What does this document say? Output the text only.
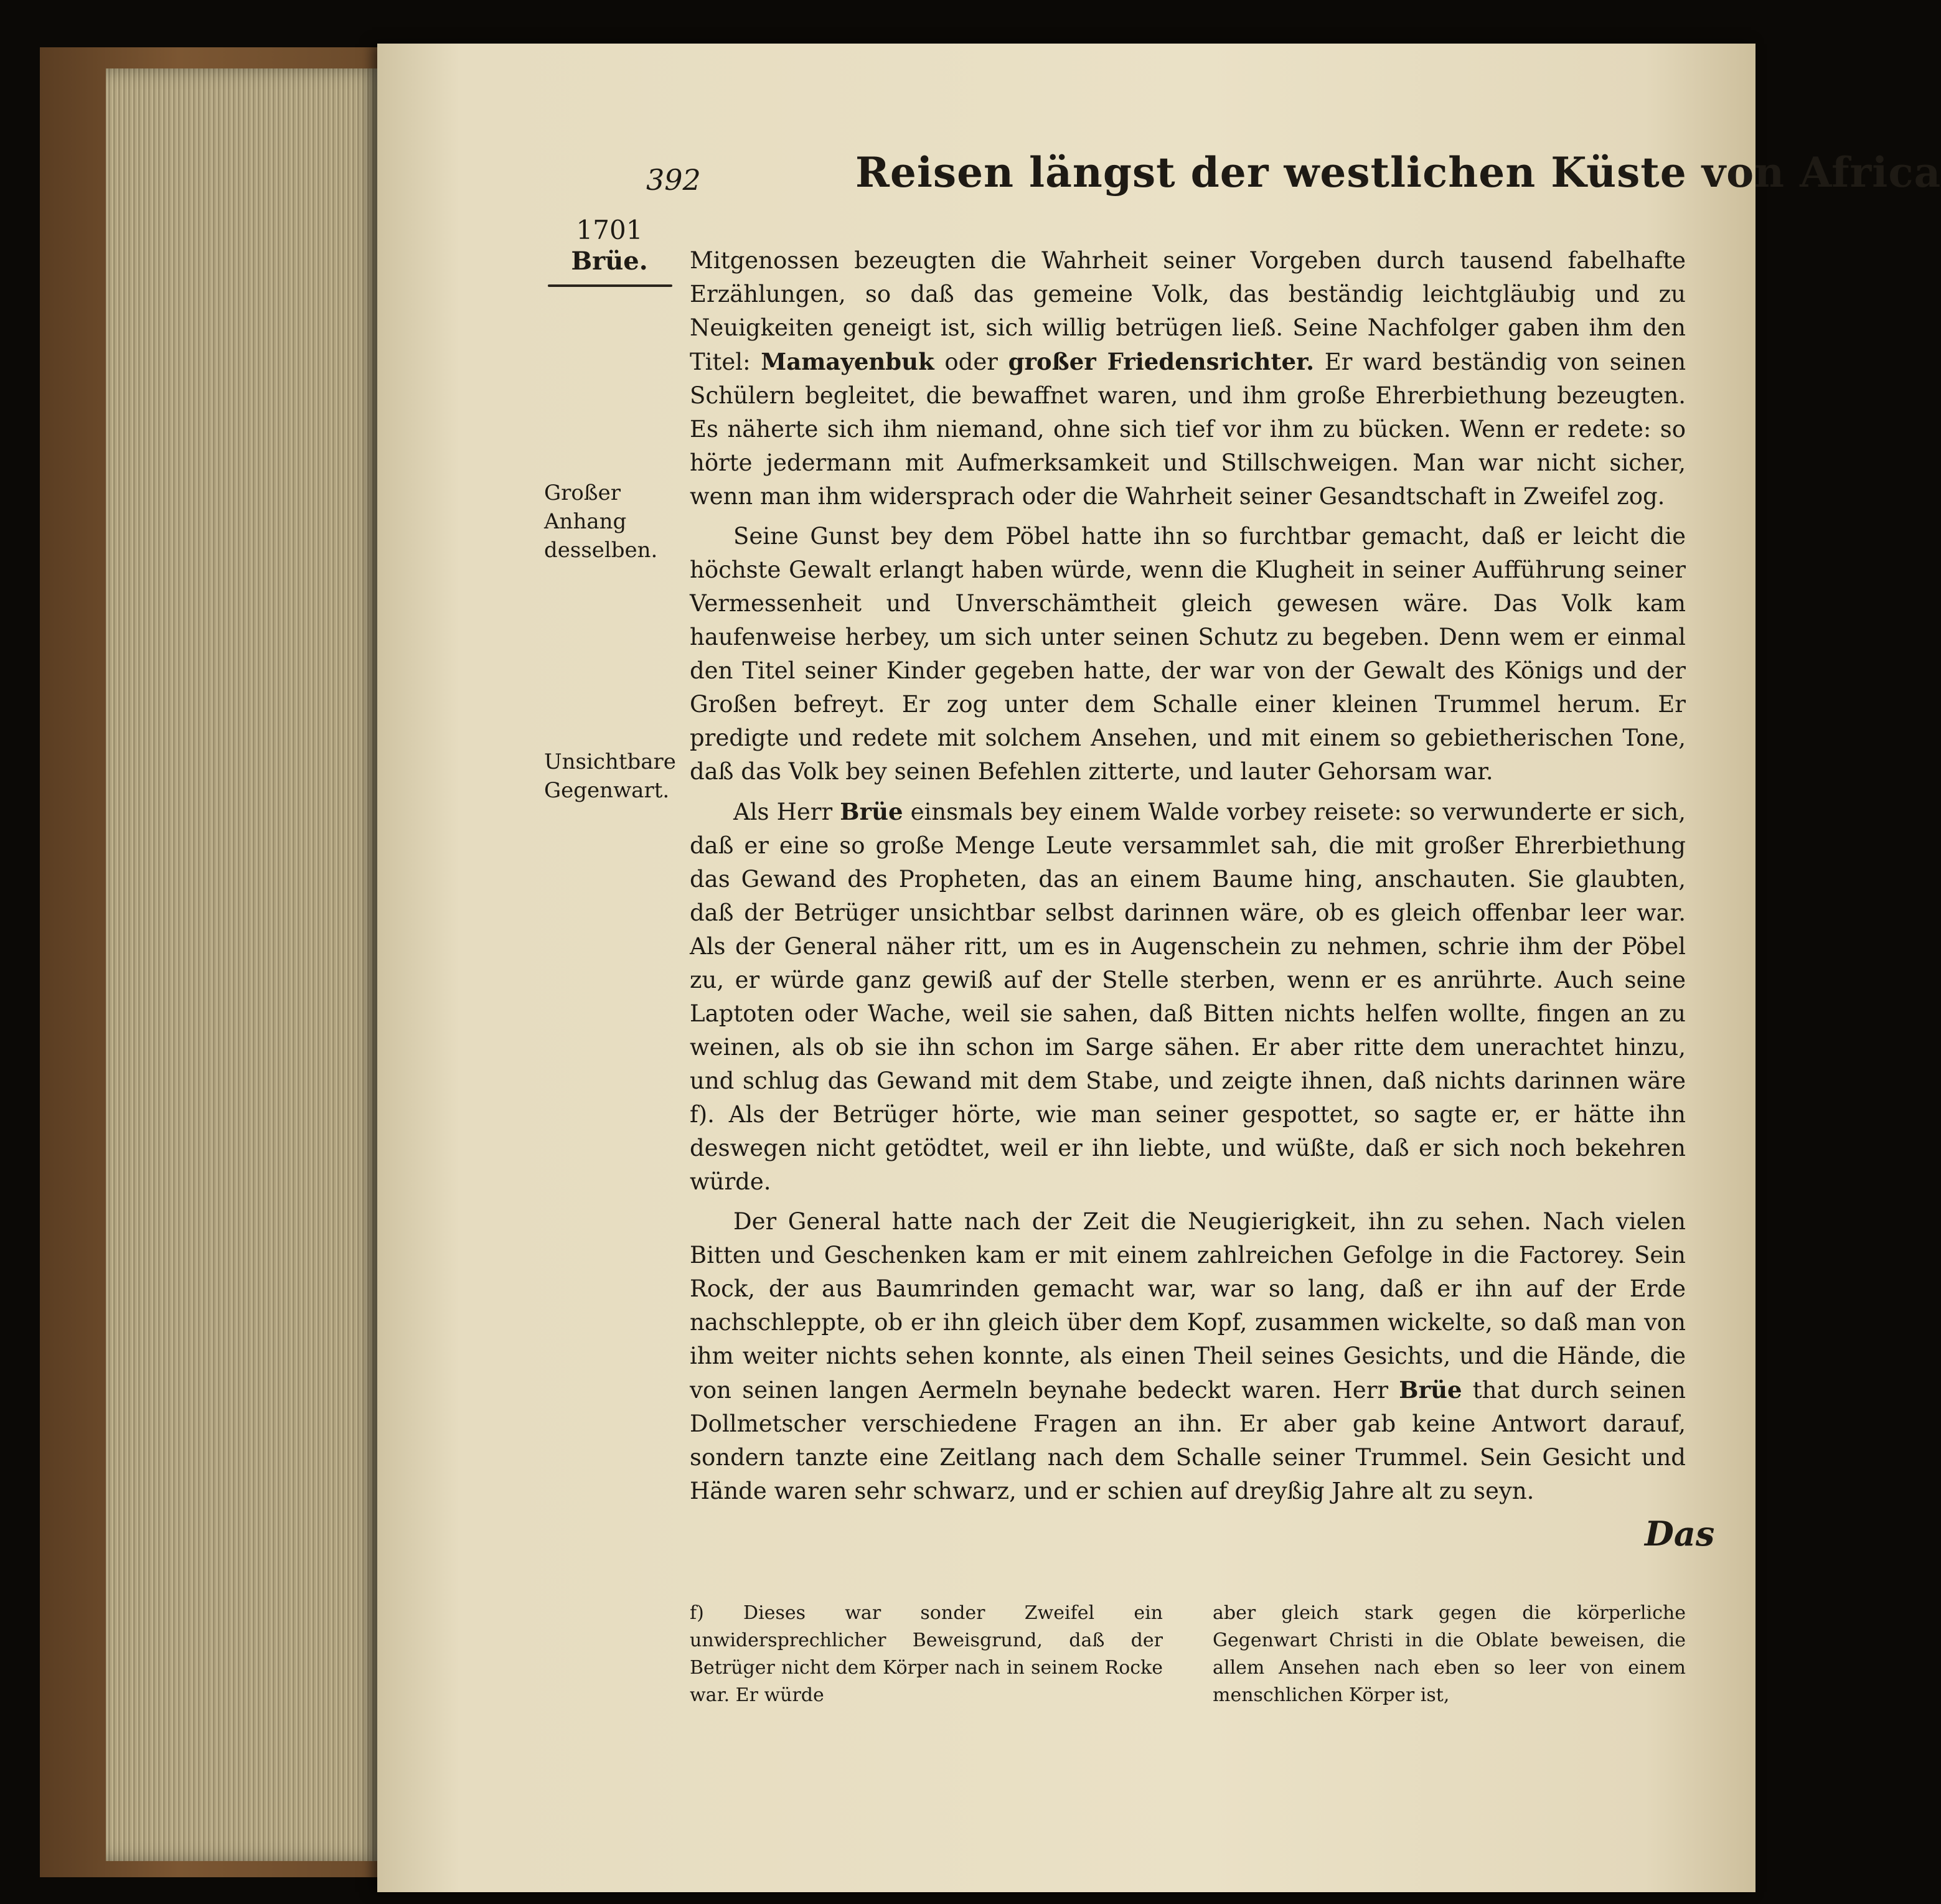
392	Reisen längst der westlichen Küste von Africa
1701
Brüe.
Großer Anhang desselben.
Unsichtbare Gegenwart.

Mitgenossen bezeugten die Wahrheit seiner Vorgeben durch tausend fabelhafte Erzählungen, so daß das gemeine Volk, das beständig leichtgläubig und zu Neuigkeiten geneigt ist, sich willig betrügen ließ. Seine Nachfolger gaben ihm den Titel: Mamayenbuk oder großer Friedensrichter. Er ward beständig von seinen Schülern begleitet, die bewaffnet waren, und ihm große Ehrerbiethung bezeugten. Es näherte sich ihm niemand, ohne sich tief vor ihm zu bücken. Wenn er redete: so hörte jedermann mit Aufmerksamkeit und Stillschweigen. Man war nicht sicher, wenn man ihm widersprach oder die Wahrheit seiner Gesandtschaft in Zweifel zog.

Seine Gunst bey dem Pöbel hatte ihn so furchtbar gemacht, daß er leicht die höchste Gewalt erlangt haben würde, wenn die Klugheit in seiner Aufführung seiner Vermessenheit und Unverschämtheit gleich gewesen wäre. Das Volk kam haufenweise herbey, um sich unter seinen Schutz zu begeben. Denn wem er einmal den Titel seiner Kinder gegeben hatte, der war von der Gewalt des Königs und der Großen befreyt. Er zog unter dem Schalle einer kleinen Trummel herum. Er predigte und redete mit solchem Ansehen, und mit einem so gebietherischen Tone, daß das Volk bey seinen Befehlen zitterte, und lauter Gehorsam war.

Als Herr Brüe einsmals bey einem Walde vorbey reisete: so verwunderte er sich, daß er eine so große Menge Leute versammlet sah, die mit großer Ehrerbiethung das Gewand des Propheten, das an einem Baume hing, anschauten. Sie glaubten, daß der Betrüger unsichtbar selbst darinnen wäre, ob es gleich offenbar leer war. Als der General näher ritt, um es in Augenschein zu nehmen, schrie ihm der Pöbel zu, er würde ganz gewiß auf der Stelle sterben, wenn er es anrührte. Auch seine Laptoten oder Wache, weil sie sahen, daß Bitten nichts helfen wollte, fingen an zu weinen, als ob sie ihn schon im Sarge sähen. Er aber ritte dem unerachtet hinzu, und schlug das Gewand mit dem Stabe, und zeigte ihnen, daß nichts darinnen wäre f). Als der Betrüger hörte, wie man seiner gespottet, so sagte er, er hätte ihn deswegen nicht getödtet, weil er ihn liebte, und wüßte, daß er sich noch bekehren würde.

Der General hatte nach der Zeit die Neugierigkeit, ihn zu sehen. Nach vielen Bitten und Geschenken kam er mit einem zahlreichen Gefolge in die Factorey. Sein Rock, der aus Baumrinden gemacht war, war so lang, daß er ihn auf der Erde nachschleppte, ob er ihn gleich über dem Kopf, zusammen wickelte, so daß man von ihm weiter nichts sehen konnte, als einen Theil seines Gesichts, und die Hände, die von seinen langen Aermeln beynahe bedeckt waren. Herr Brüe that durch seinen Dollmetscher verschiedene Fragen an ihn. Er aber gab keine Antwort darauf, sondern tanzte eine Zeitlang nach dem Schalle seiner Trummel. Sein Gesicht und Hände waren sehr schwarz, und er schien auf dreyßig Jahre alt zu seyn.

Das
f) Dieses war sonder Zweifel ein unwidersprechlicher Beweisgrund, daß der Betrüger nicht dem Körper nach in seinem Rocke war. Er würde
aber gleich stark gegen die körperliche Gegenwart Christi in die Oblate beweisen, die allem Ansehen nach eben so leer von einem menschlichen Körper ist,
